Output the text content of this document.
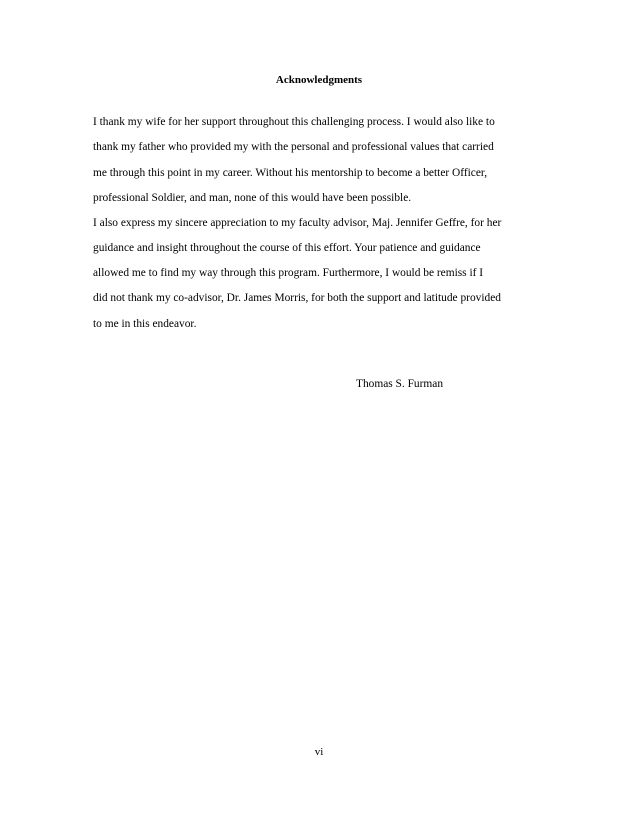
Acknowledgments
I thank my wife for her support throughout this challenging process. I would also like to
thank my father who provided my with the personal and professional values that carried
me through this point in my career. Without his mentorship to become a better Officer,
professional Soldier, and man, none of this would have been possible.
I also express my sincere appreciation to my faculty advisor, Maj. Jennifer Geffre, for her
guidance and insight throughout the course of this effort. Your patience and guidance
allowed me to find my way through this program. Furthermore, I would be remiss if I
did not thank my co-advisor, Dr. James Morris, for both the support and latitude provided
to me in this endeavor.
Thomas S. Furman
vi
